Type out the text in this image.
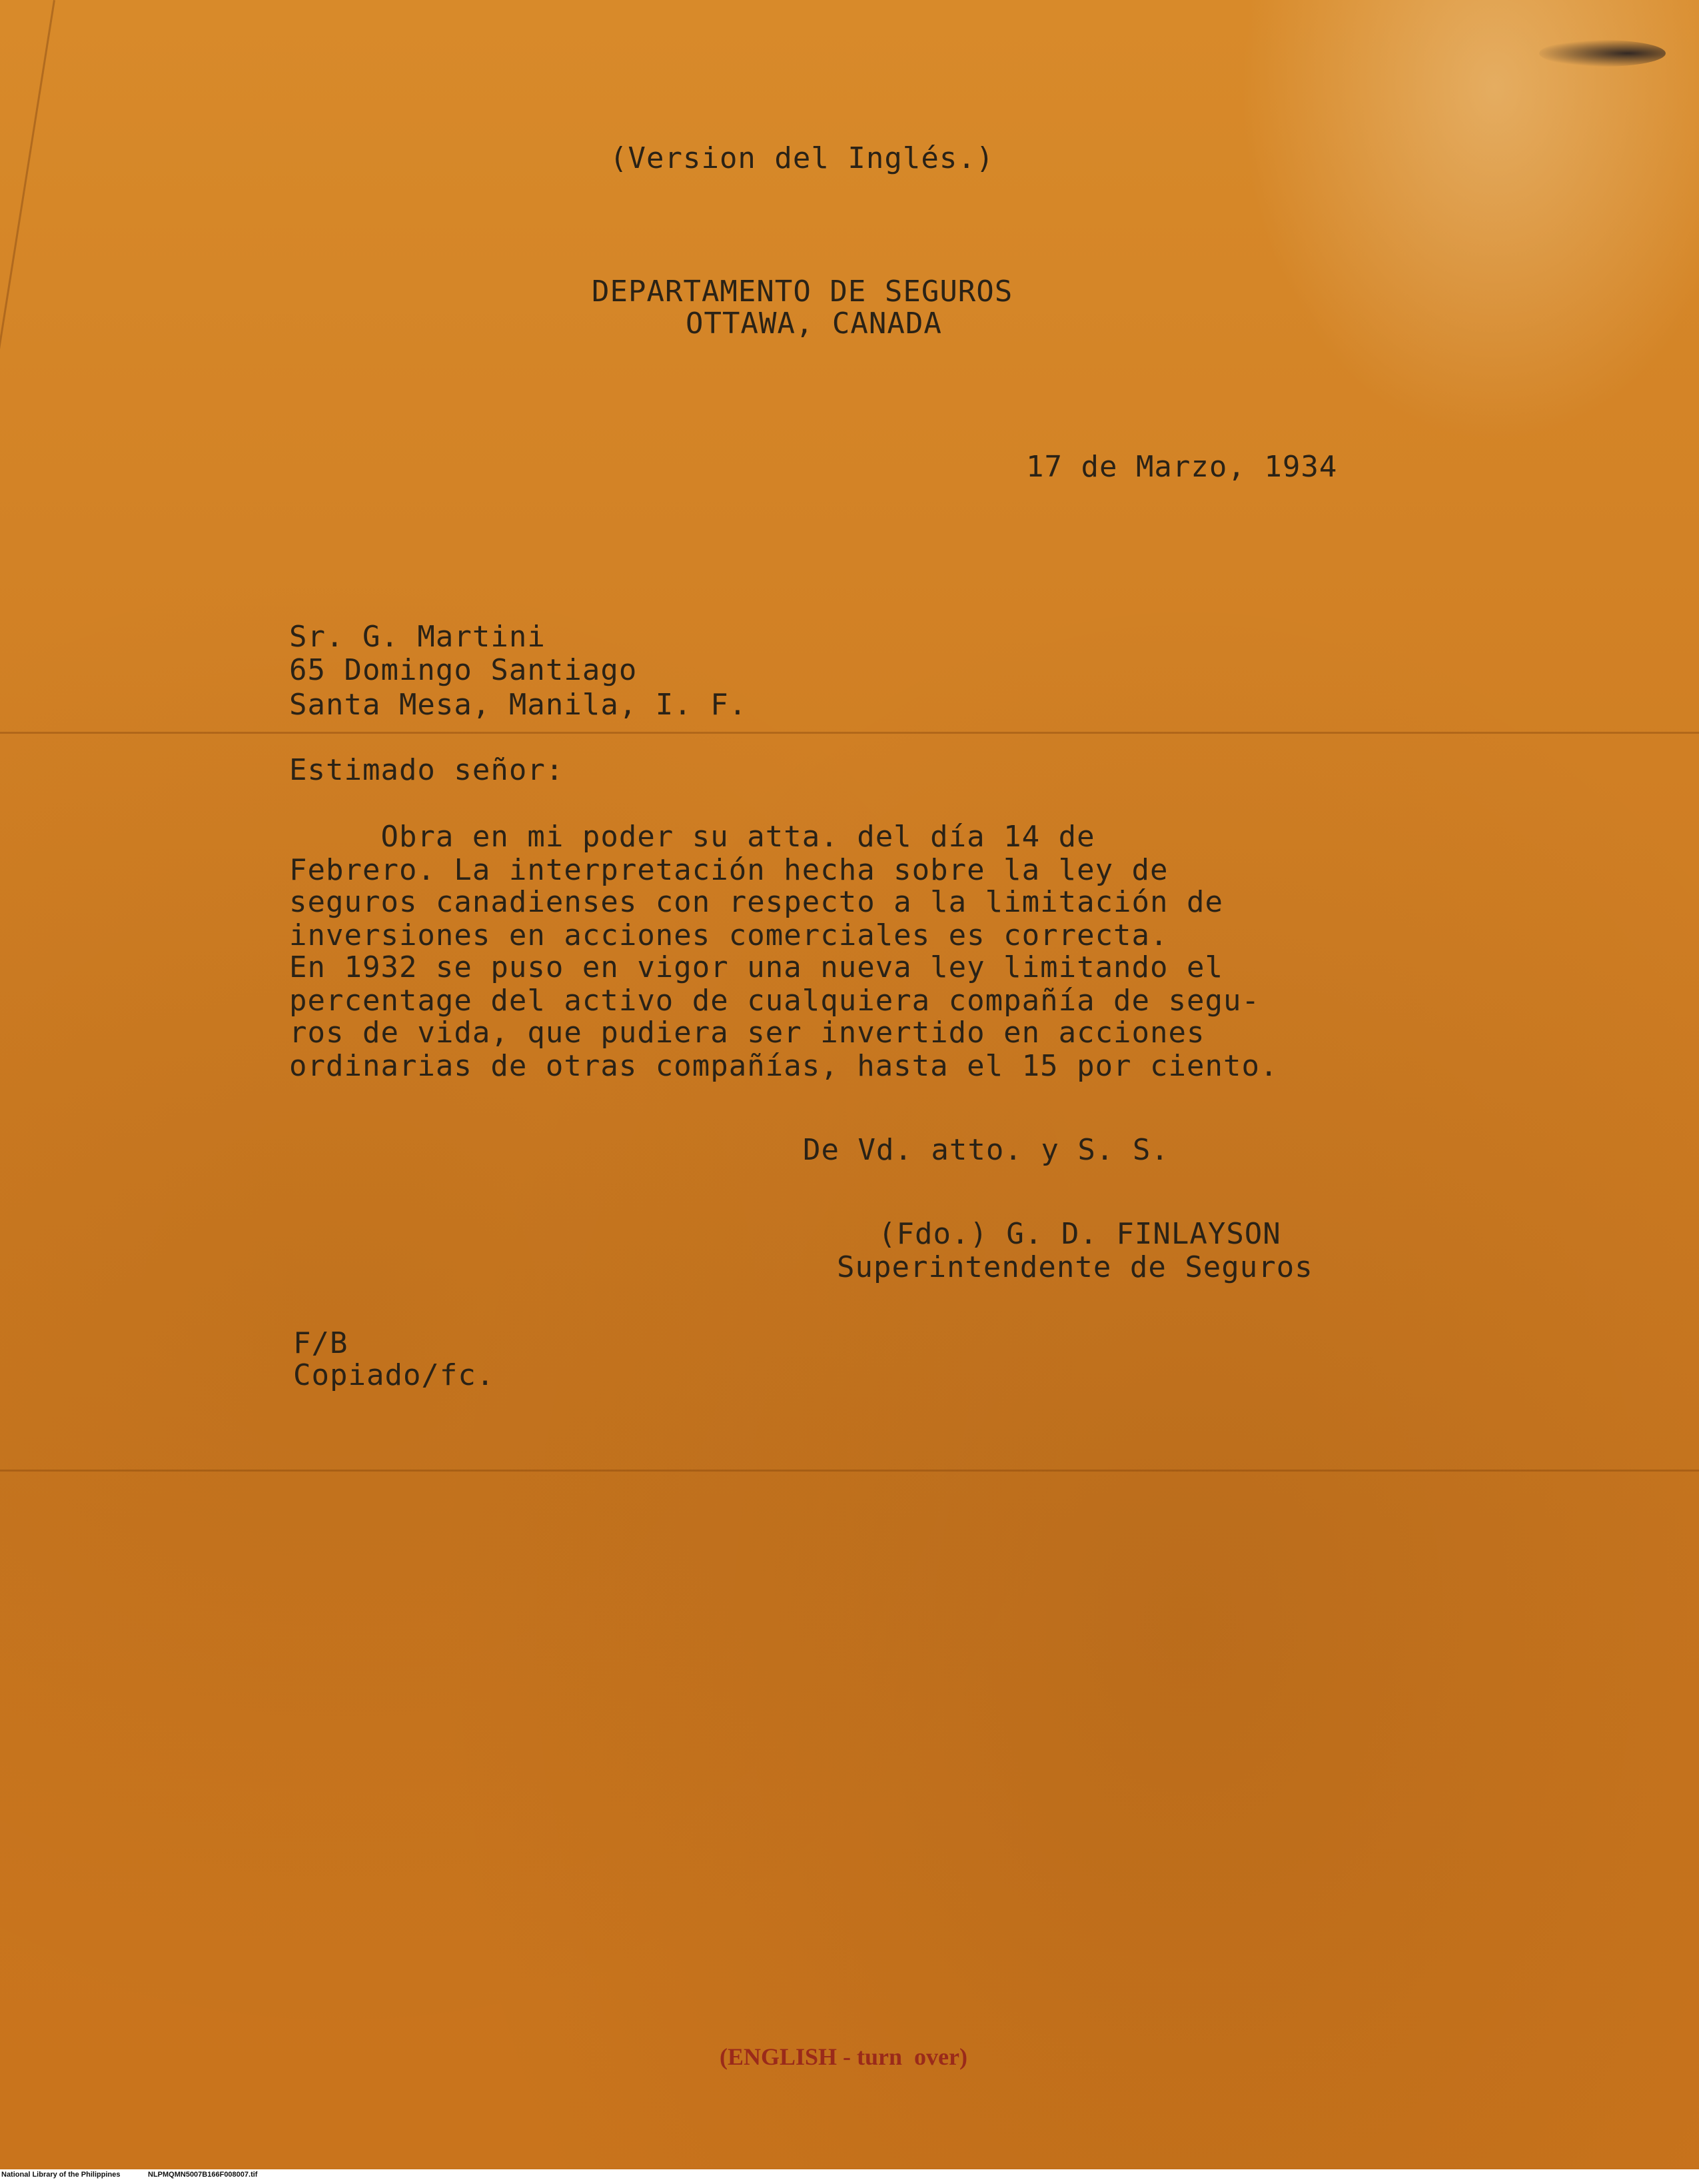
(Version del Inglés.)
DEPARTAMENTO DE SEGUROS
OTTAWA, CANADA
17 de Marzo, 1934
Sr. G. Martini
65 Domingo Santiago
Santa Mesa, Manila, I. F.
Estimado señor:
Obra en mi poder su atta. del día 14 de
Febrero. La interpretación hecha sobre la ley de
seguros canadienses con respecto a la limitación de
inversiones en acciones comerciales es correcta.
En 1932 se puso en vigor una nueva ley limitando el
percentage del activo de cualquiera compañía de segu-
ros de vida, que pudiera ser invertido en acciones
ordinarias de otras compañías, hasta el 15 por ciento.
De Vd. atto. y S. S.
(Fdo.) G. D. FINLAYSON
Superintendente de Seguros
F/B
Copiado/fc.
(ENGLISH - turn  over)
National Library of the Philippines	NLPMQMN5007B166F008007.tif
